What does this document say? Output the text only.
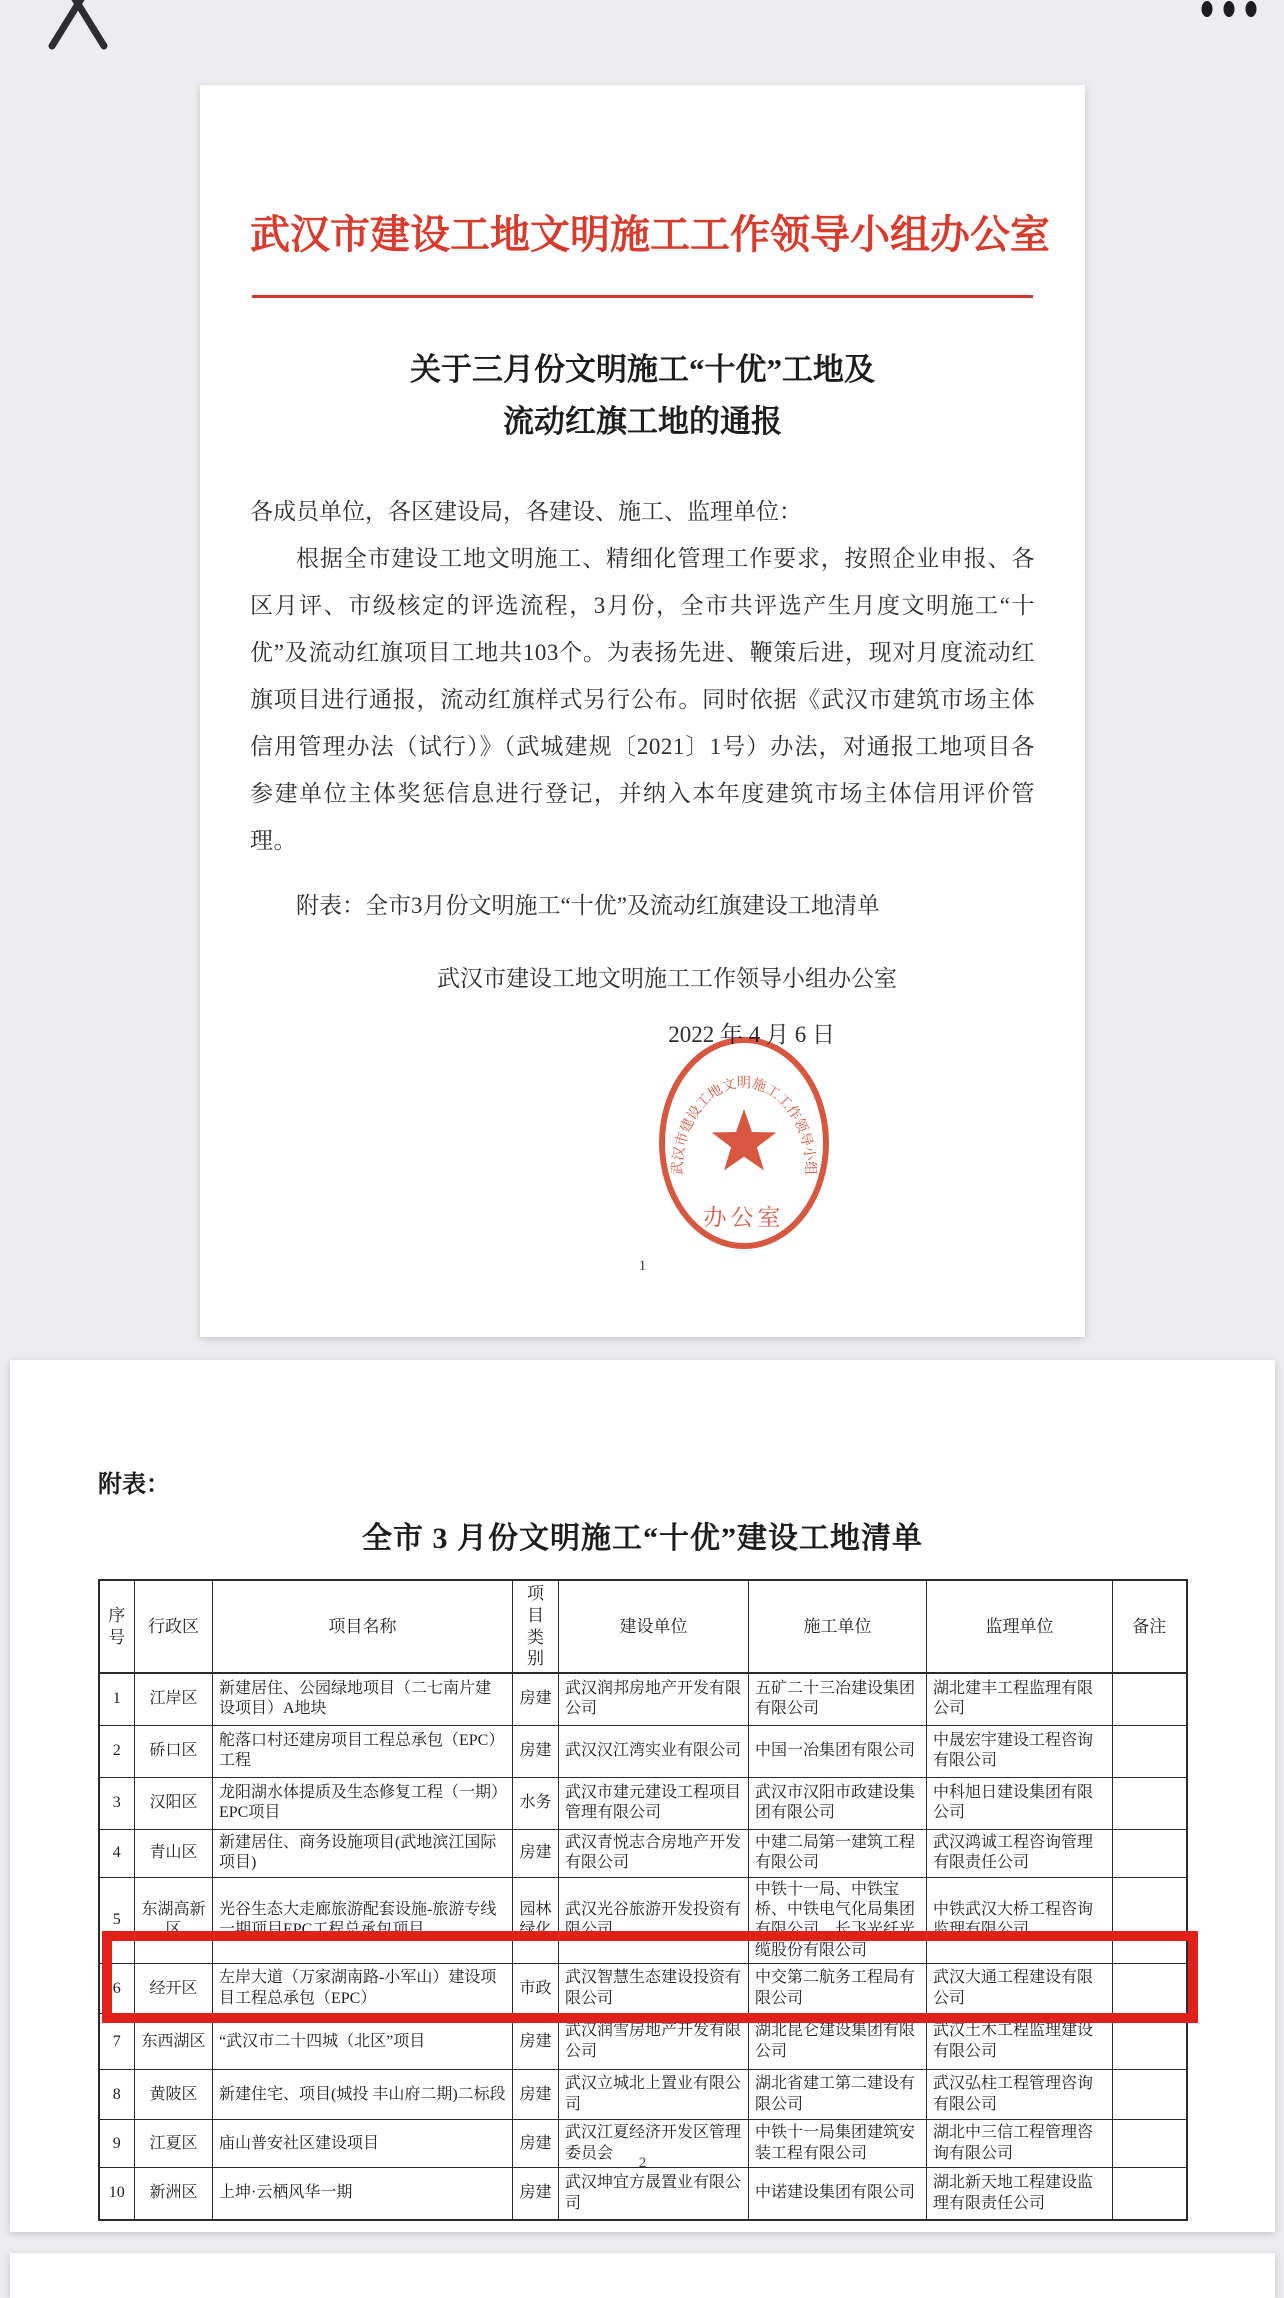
武汉市建设工地文明施工工作领导小组办公室
关于三月份文明施工“十优”工地及
流动红旗工地的通报

各成员单位，各区建设局，各建设、施工、监理单位：

根据全市建设工地文明施工、精细化管理工作要求，按照企业申报、各区月评、市级核定的评选流程，3月份，全市共评选产生月度文明施工“十优”及流动红旗项目工地共103个。为表扬先进、鞭策后进，现对月度流动红旗项目进行通报，流动红旗样式另行公布。同时依据《武汉市建筑市场主体信用管理办法（试行）》（武城建规〔2021〕1号）办法，对通报工地项目各参建单位主体奖惩信息进行登记，并纳入本年度建筑市场主体信用评价管理。

附表：全市3月份文明施工“十优”及流动红旗建设工地清单

武汉市建设工地文明施工工作领导小组办公室
2022 年 4 月 6 日
武汉市建设工地文明施工工作领导小组
办公室
1
附表：
全市 3 月份文明施工“十优”建设工地清单
序号	行政区	项目名称	项目类别	建设单位	施工单位	监理单位	备注
1	江岸区	新建居住、公园绿地项目（二七南片建设项目）A地块	房建	武汉润邦房地产开发有限公司	五矿二十三冶建设集团有限公司	湖北建丰工程监理有限公司	
2	硚口区	舵落口村还建房项目工程总承包（EPC）工程	房建	武汉汉江湾实业有限公司	中国一冶集团有限公司	中晟宏宇建设工程咨询有限公司	
3	汉阳区	龙阳湖水体提质及生态修复工程（一期）EPC项目	水务	武汉市建元建设工程项目管理有限公司	武汉市汉阳市政建设集团有限公司	中科旭日建设集团有限公司	
4	青山区	新建居住、商务设施项目(武地滨江国际项目)	房建	武汉青悦志合房地产开发有限公司	中建二局第一建筑工程有限公司	武汉鸿诚工程咨询管理有限责任公司	
5	东湖高新区	光谷生态大走廊旅游配套设施-旅游专线一期项目EPC工程总承包项目	园林绿化	武汉光谷旅游开发投资有限公司	中铁十一局、中铁宝桥、中铁电气化局集团有限公司，长飞光纤光缆股份有限公司	中铁武汉大桥工程咨询监理有限公司	
6	经开区	左岸大道（万家湖南路-小军山）建设项目工程总承包（EPC）	市政	武汉智慧生态建设投资有限公司	中交第二航务工程局有限公司	武汉大通工程建设有限公司	
7	东西湖区	“武汉市二十四城（北区”项目	房建	武汉润雪房地产开发有限公司	湖北昆仑建设集团有限公司	武汉土木工程监理建设有限公司	
8	黄陂区	新建住宅、项目(城投 丰山府二期)二标段	房建	武汉立城北上置业有限公司	湖北省建工第二建设有限公司	武汉弘柱工程管理咨询有限公司	
9	江夏区	庙山普安社区建设项目	房建	武汉江夏经济开发区管理委员会	中铁十一局集团建筑安装工程有限公司	湖北中三信工程管理咨询有限公司	
10	新洲区	上坤·云栖风华一期	房建	武汉坤宜方晟置业有限公司	中诺建设集团有限公司	湖北新天地工程建设监理有限责任公司	
2
